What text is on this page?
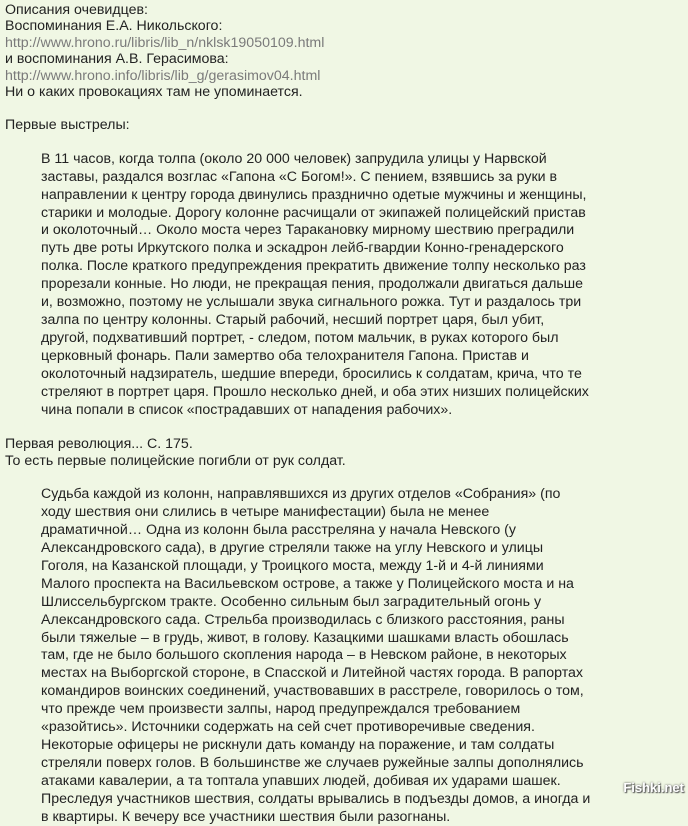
Описания очевидцев:
Воспоминания Е.А. Никольского:
http://www.hrono.ru/libris/lib_n/nklsk19050109.html
и воспоминания А.В. Герасимова:
http://www.hrono.info/libris/lib_g/gerasimov04.html
Ни о каких провокациях там не упоминается.
Первые выстрелы:
В 11 часов, когда толпа (около 20 000 человек) запрудила улицы у Нарвской
заставы, раздался возглас «Гапона «С Богом!». С пением, взявшись за руки в
направлении к центру города двинулись празднично одетые мужчины и женщины,
старики и молодые. Дорогу колонне расчищали от экипажей полицейский пристав
и околоточный… Около моста через Таракановку мирному шествию преградили
путь две роты Иркутского полка и эскадрон лейб-гвардии Конно-гренадерского
полка. После краткого предупреждения прекратить движение толпу несколько раз
прорезали конные. Но люди, не прекращая пения, продолжали двигаться дальше
и, возможно, поэтому не услышали звука сигнального рожка. Тут и раздалось три
залпа по центру колонны. Старый рабочий, несший портрет царя, был убит,
другой, подхвативший портрет, - следом, потом мальчик, в руках которого был
церковный фонарь. Пали замертво оба телохранителя Гапона. Пристав и
околоточный надзиратель, шедшие впереди, бросились к солдатам, крича, что те
стреляют в портрет царя. Прошло несколько дней, и оба этих низших полицейских
чина попали в список «пострадавших от нападения рабочих».
Первая революция... С. 175.
То есть первые полицейские погибли от рук солдат.
Судьба каждой из колонн, направлявшихся из других отделов «Собрания» (по
ходу шествия они слились в четыре манифестации) была не менее
драматичной… Одна из колонн была расстреляна у начала Невского (у
Александровского сада), в другие стреляли также на углу Невского и улицы
Гоголя, на Казанской площади, у Троицкого моста, между 1-й и 4-й линиями
Малого проспекта на Васильевском острове, а также у Полицейского моста и на
Шлиссельбургском тракте. Особенно сильным был заградительный огонь у
Александровского сада. Стрельба производилась с близкого расстояния, раны
были тяжелые – в грудь, живот, в голову. Казацкими шашками власть обошлась
там, где не было большого скопления народа – в Невском районе, в некоторых
местах на Выборгской стороне, в Спасской и Литейной частях города. В рапортах
командиров воинских соединений, участвовавших в расстреле, говорилось о том,
что прежде чем произвести залпы, народ предупреждался требованием
«разойтись». Источники содержать на сей счет противоречивые сведения.
Некоторые офицеры не рискнули дать команду на поражение, и там солдаты
стреляли поверх голов. В большинстве же случаев ружейные залпы дополнялись
атаками кавалерии, а та топтала упавших людей, добивая их ударами шашек.
Преследуя участников шествия, солдаты врывались в подъезды домов, а иногда и
в квартиры. К вечеру все участники шествия были разогнаны.
Fishki.net
